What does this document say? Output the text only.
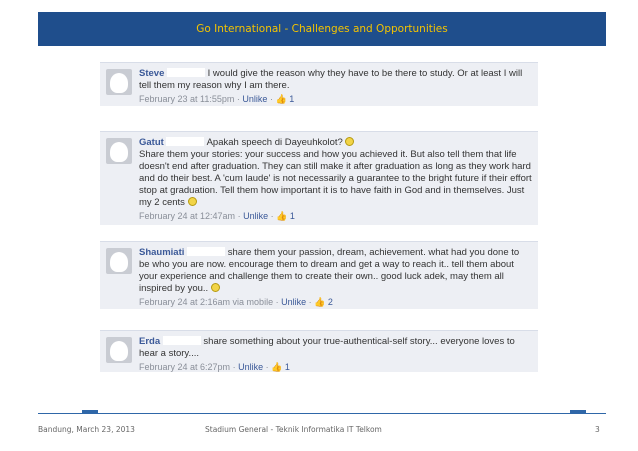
Go International - Challenges and Opportunities
Steve	I would give the reason why they have to be there to study. Or at least I will tell them my reason why I am there.
February 23 at 11:55pm · Unlike · 👍 1
Gatut	Apakah speech di Dayeuhkolot?
Share them your stories: your success and how you achieved it. But also tell them that life doesn't end after graduation. They can still make it after graduation as long as they work hard and do their best. A 'cum laude' is not necessarily a guarantee to the bright future if their effort stop at graduation. Tell them how important it is to have faith in God and in themselves. Just my 2 cents
February 24 at 12:47am · Unlike · 👍 1
Shaumiati	share them your passion, dream, achievement. what had you done to be who you are now. encourage them to dream and get a way to reach it.. tell them about your experience and challenge them to create their own.. good luck adek, may them all inspired by you..
February 24 at 2:16am via mobile · Unlike · 👍 2
Erda	share something about your true-authentical-self story... everyone loves to hear a story....
February 24 at 6:27pm · Unlike · 👍 1
Bandung, March 23, 2013	Stadium General - Teknik Informatika IT Telkom	3
